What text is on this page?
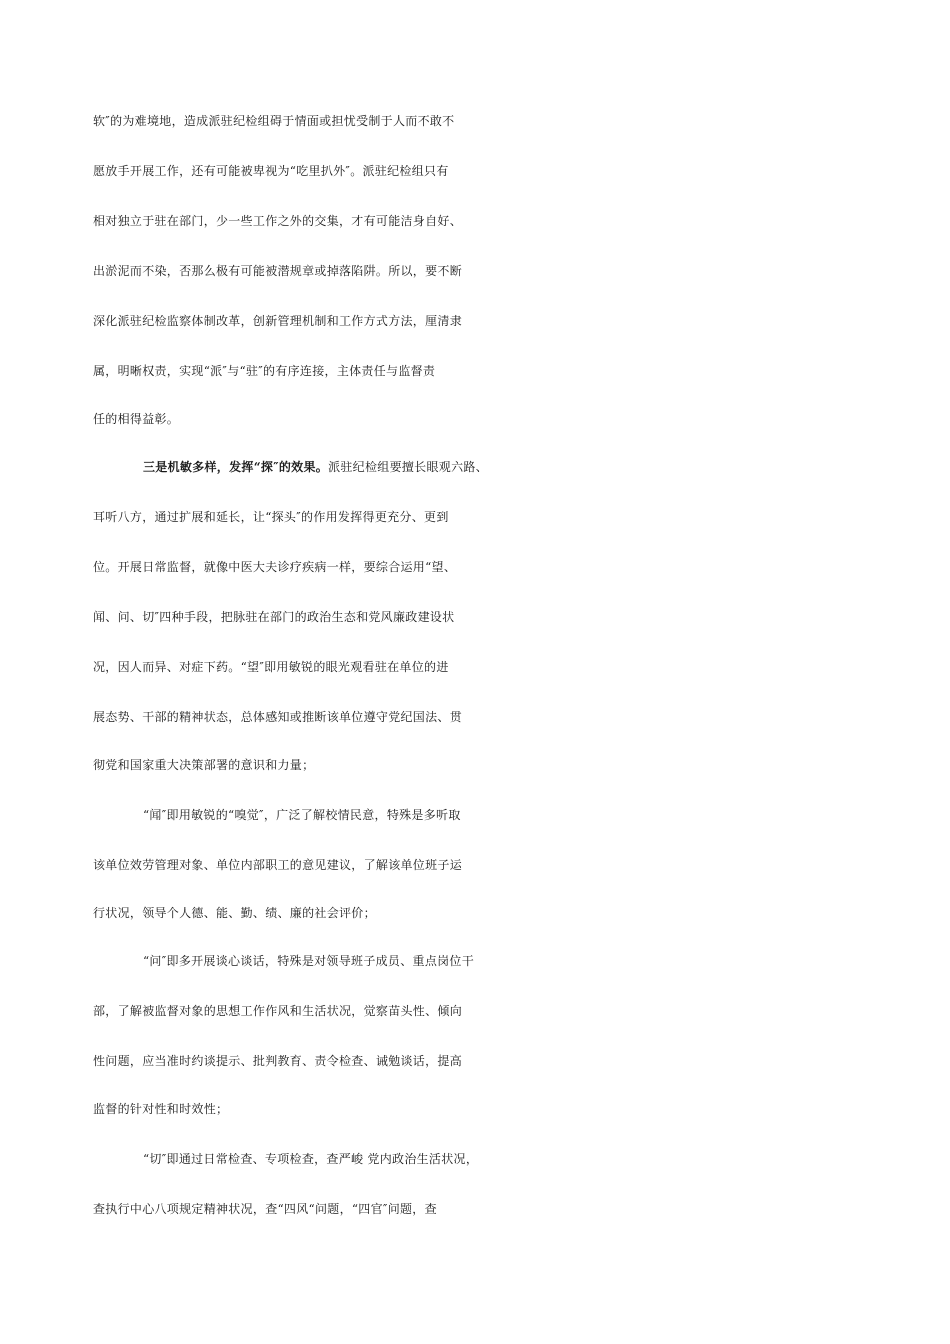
软″的为难境地，造成派驻纪检组碍于情面或担忧受制于人而不敢不
愿放手开展工作，还有可能被卑视为“吃里扒外″。派驻纪检组只有
相对独立于驻在部门，少一些工作之外的交集，才有可能洁身自好、
出淤泥而不染，否那么极有可能被潜规章或掉落陷阱。所以，要不断
深化派驻纪检监察体制改革，创新管理机制和工作方式方法，厘清隶
属，明晰权责，实现“派″与“驻″的有序连接，主体责任与监督责
任的相得益彰。
三是机敏多样，发挥“探″的效果。派驻纪检组要擅长眼观六路、
耳听八方，通过扩展和延长，让“探头″的作用发挥得更充分、更到
位。开展日常监督，就像中医大夫诊疗疾病一样，要综合运用“望、
闻、问、切″四种手段，把脉驻在部门的政治生态和党风廉政建设状
况，因人而异、对症下药。“望″即用敏锐的眼光观看驻在单位的进
展态势、干部的精神状态，总体感知或推断该单位遵守党纪国法、贯
彻党和国家重大决策部署的意识和力量；
“闻″即用敏锐的“嗅觉″，广泛了解校情民意，特殊是多听取
该单位效劳管理对象、单位内部职工的意见建议，了解该单位班子运
行状况，领导个人德、能、勤、绩、廉的社会评价；
“问″即多开展谈心谈话，特殊是对领导班子成员、重点岗位干
部，了解被监督对象的思想工作作风和生活状况，觉察苗头性、倾向
性问题，应当准时约谈提示、批判教育、责令检查、诫勉谈话，提高
监督的针对性和时效性；
“切″即通过日常检查、专项检查，查严峻 党内政治生活状况，
查执行中心八项规定精神状况，查“四风“问题，“四官″问题，查
